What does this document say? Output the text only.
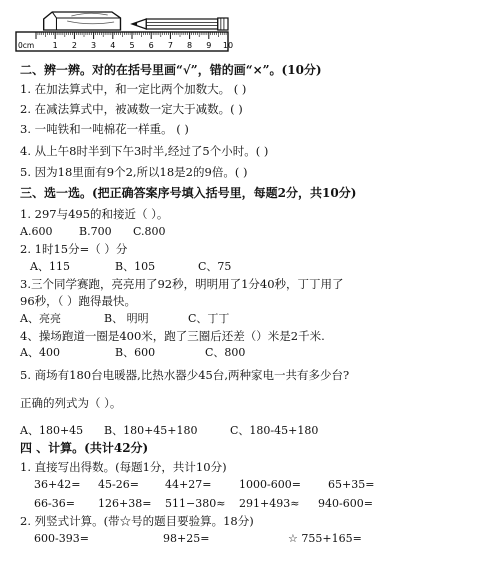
0cm 1 2 3 4 5 6 7 8 9 10
二、辨一辨。对的在括号里画“√”，错的画“×”。(10分)
1. 在加法算式中，和一定比两个加数大。 ( )
2. 在减法算式中，被减数一定大于减数。( )
3. 一吨铁和一吨棉花一样重。 ( )
4. 从上午8时半到下午3时半,经过了5个小时。( )
5. 因为18里面有9个2,所以18是2的9倍。( )
三、选一选。(把正确答案序号填入括号里，每题2分，共10分)
1. 297与495的和接近（ ）。
A.600 B.700 C.800
2. 1时15分=（ ）分
A、115	B、105	C、75
3.三个同学赛跑，亮亮用了92秒，明明用了1分40秒，丁丁用了
96秒，（ ）跑得最快。
A、亮亮	B、 明明	C、丁丁
4、操场跑道一圈是400米，跑了三圈后还差（）米是2千米.
A、400	B、600	C、800
5. 商场有180台电暖器,比热水器少45台,两种家电一共有多少台?
正确的列式为（ ）。
A、180+45 B、180+45+180	C、180-45+180
四 、计算。(共计42分)
1. 直接写出得数。(每题1分，共计10分)
36+42= 45-26= 44+27=	1000-600= 65+35=
66-36= 126+38= 511−380≈ 291+493≈ 940-600=
2. 列竖式计算。(带☆号的题目要验算。18分)
600-393=	98+25=	☆ 755+165=
